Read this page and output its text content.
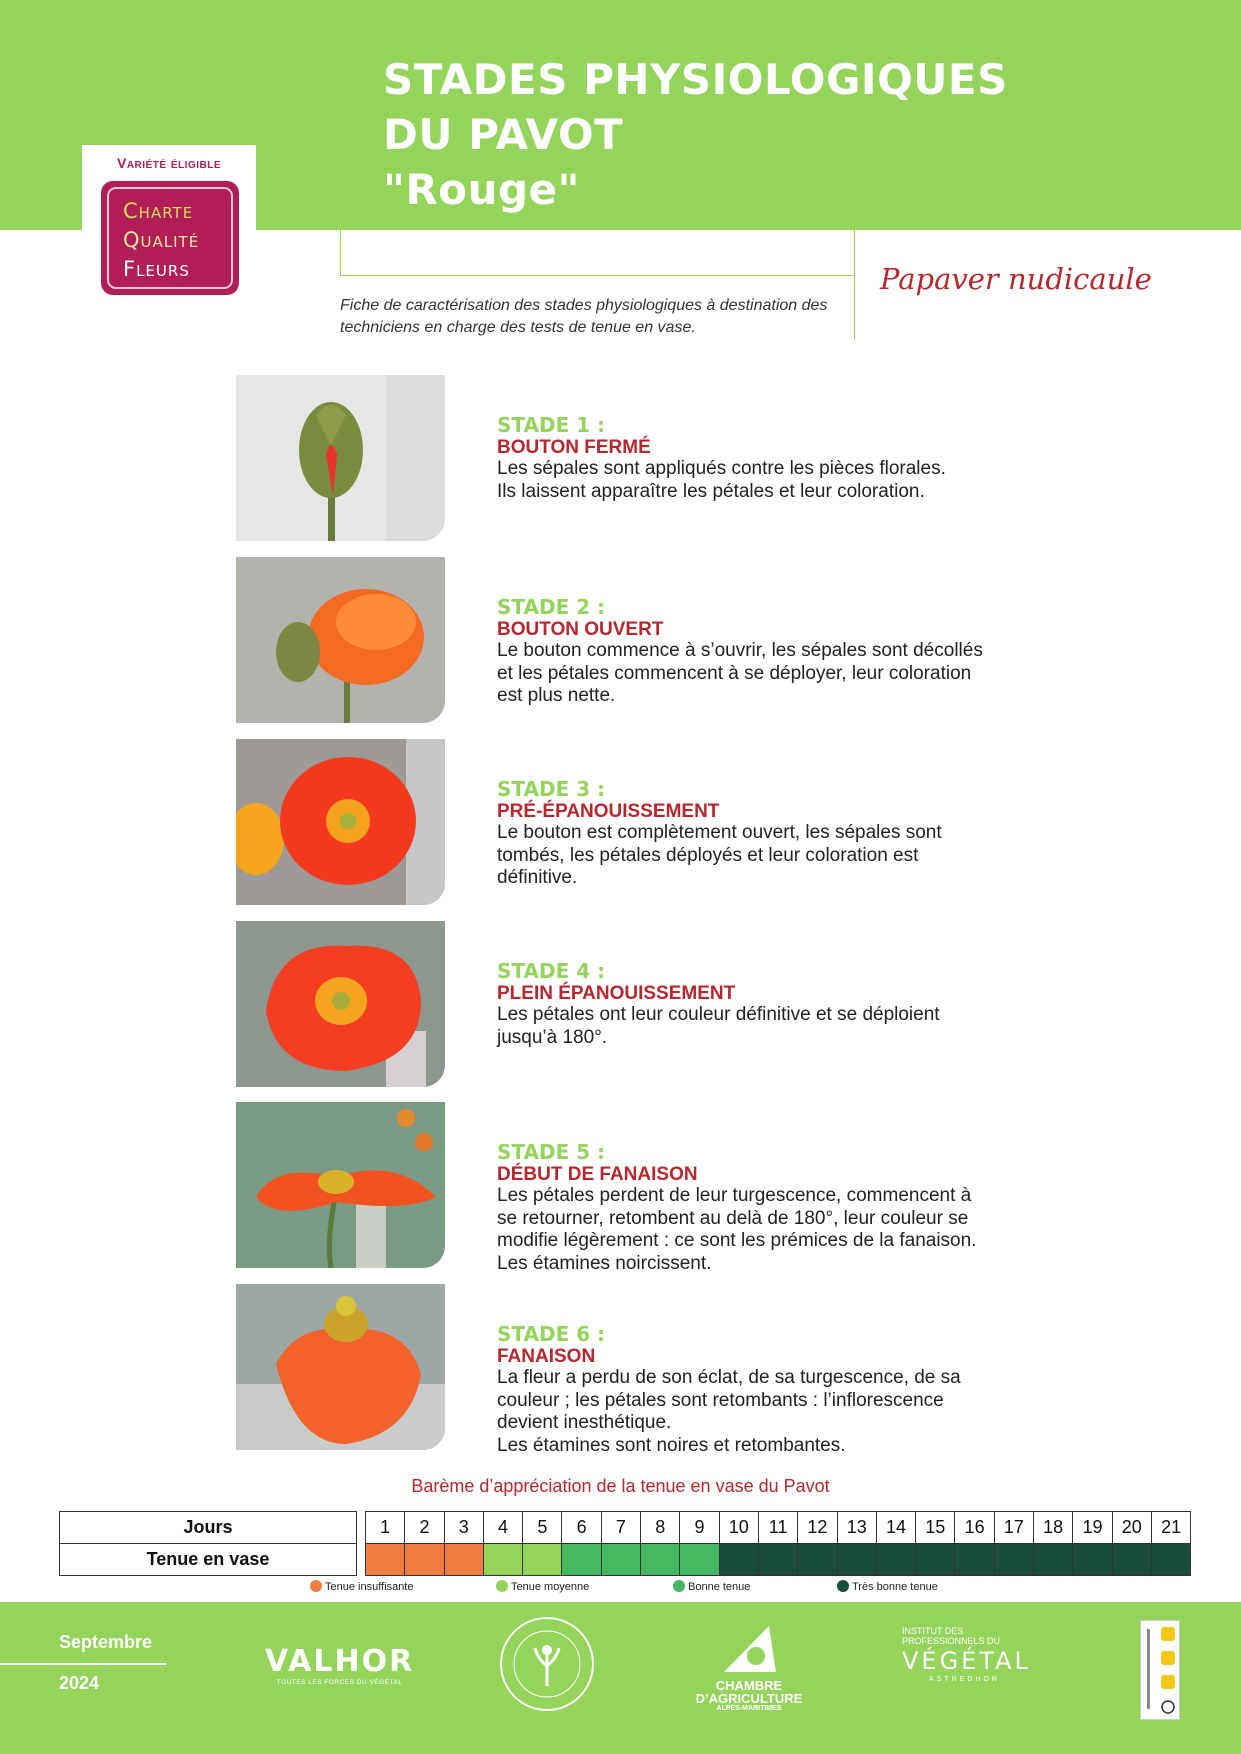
STADES PHYSIOLOGIQUES
DU PAVOT
"Rouge"
Papaver nudicaule
Fiche de caractérisation des stades physiologiques à destination des
techniciens en charge des tests de tenue en vase.
Variété éligible
Charte
Qualité
Fleurs
STADE 1 :
BOUTON FERMÉ
Les sépales sont appliqués contre les pièces florales.
Ils laissent apparaître les pétales et leur coloration.
STADE 2 :
BOUTON OUVERT
Le bouton commence à s’ouvrir, les sépales sont décollés
et les pétales commencent à se déployer, leur coloration
est plus nette.
STADE 3 :
PRÉ-ÉPANOUISSEMENT
Le bouton est complètement ouvert, les sépales sont
tombés, les pétales déployés et leur coloration est
définitive.
STADE 4 :
PLEIN ÉPANOUISSEMENT
Les pétales ont leur couleur définitive et se déploient
jusqu’à 180°.
STADE 5 :
DÉBUT DE FANAISON
Les pétales perdent de leur turgescence, commencent à
se retourner, retombent au delà de 180°, leur couleur se
modifie légèrement : ce sont les prémices de la fanaison.
Les étamines noircissent.
STADE 6 :
FANAISON
La fleur a perdu de son éclat, de sa turgescence, de sa
couleur ; les pétales sont retombants : l’inflorescence
devient inesthétique.
Les étamines sont noires et retombantes.
Barème d’appréciation de la tenue en vase du Pavot
Jours		1	2	3	4	5	6	7	8	9	10	11	12	13	14	15	16	17	18	19	20	21
Tenue en vase																						
Tenue insuffisante	Tenue moyenne	Bonne tenue	Très bonne tenue
Septembre
2024
VALHOR
TOUTES LES FORCES DU VÉGÉTAL	CHAMBRE
D’AGRICULTURE
ALPES-MARITIMES
INSTITUT DES
PROFESSIONNELS DU
VÉGÉTAL
ASTREDHOR
